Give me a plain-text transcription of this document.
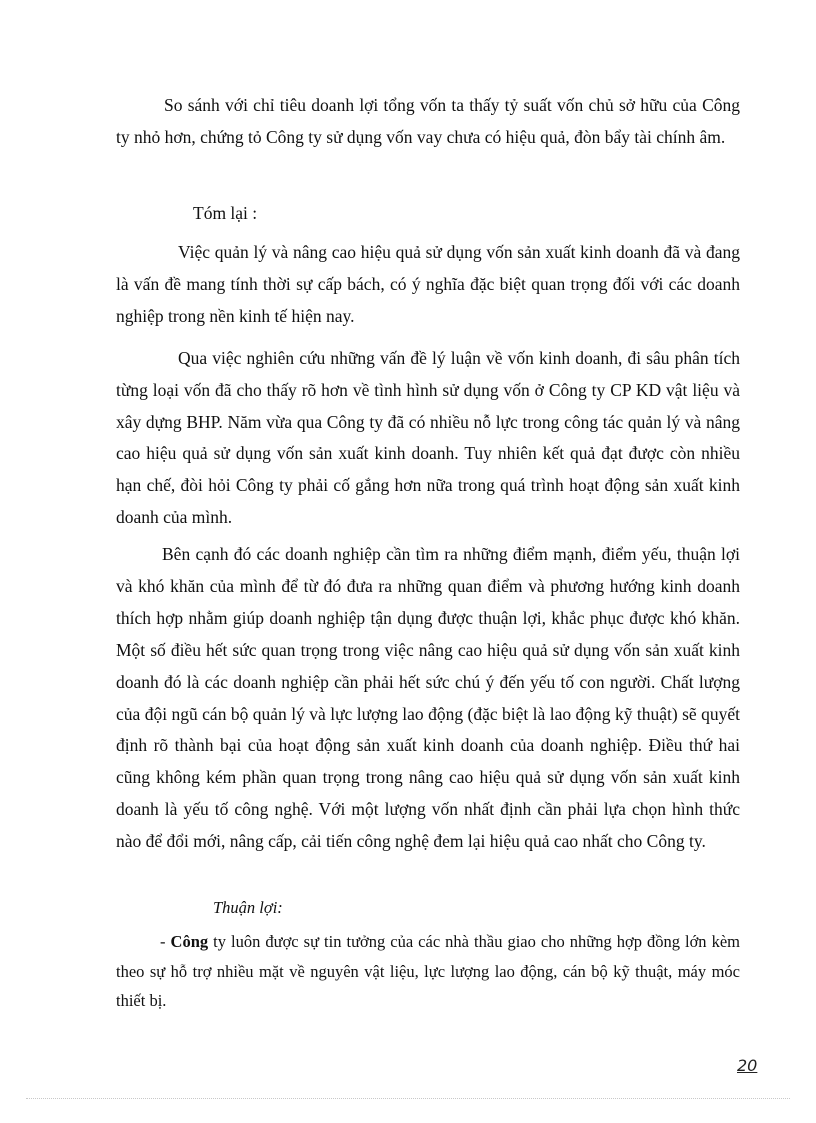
So sánh với chỉ tiêu doanh lợi tổng vốn ta thấy tỷ suất vốn chủ sở hữu của Công ty nhỏ hơn, chứng tỏ Công ty sử dụng vốn vay chưa có hiệu quả, đòn bẩy tài chính âm.

Tóm lại :

Việc quản lý và nâng cao hiệu quả sử dụng vốn sản xuất kinh doanh đã và đang là vấn đề mang tính thời sự cấp bách, có ý nghĩa đặc biệt quan trọng đối với các doanh nghiệp trong nền kinh tế hiện nay.

Qua việc nghiên cứu những vấn đề lý luận về vốn kinh doanh, đi sâu phân tích từng loại vốn đã cho thấy rõ hơn về tình hình sử dụng vốn ở Công ty CP KD vật liệu và xây dựng BHP. Năm vừa qua Công ty đã có nhiều nỗ lực trong công tác quản lý và nâng cao hiệu quả sử dụng vốn sản xuất kinh doanh. Tuy nhiên kết quả đạt được còn nhiều hạn chế, đòi hỏi Công ty phải cố gắng hơn nữa trong quá trình hoạt động sản xuất kinh doanh của mình.

Bên cạnh đó các doanh nghiệp cần tìm ra những điểm mạnh, điểm yếu, thuận lợi và khó khăn của mình để từ đó đưa ra những quan điểm và phương hướng kinh doanh thích hợp nhằm giúp doanh nghiệp tận dụng được thuận lợi, khắc phục được khó khăn. Một số điều hết sức quan trọng trong việc nâng cao hiệu quả sử dụng vốn sản xuất kinh doanh đó là các doanh nghiệp cần phải hết sức chú ý đến yếu tố con người. Chất lượng của đội ngũ cán bộ quản lý và lực lượng lao động (đặc biệt là lao động kỹ thuật) sẽ quyết định rõ thành bại của hoạt động sản xuất kinh doanh của doanh nghiệp. Điều thứ hai cũng không kém phần quan trọng trong nâng cao hiệu quả sử dụng vốn sản xuất kinh doanh là yếu tố công nghệ. Với một lượng vốn nhất định cần phải lựa chọn hình thức nào để đổi mới, nâng cấp, cải tiến công nghệ đem lại hiệu quả cao nhất cho Công ty.

Thuận lợi:

- Công ty luôn được sự tin tưởng của các nhà thầu giao cho những hợp đồng lớn kèm theo sự hỗ trợ nhiều mặt về nguyên vật liệu, lực lượng lao động, cán bộ kỹ thuật, máy móc thiết bị.

20
